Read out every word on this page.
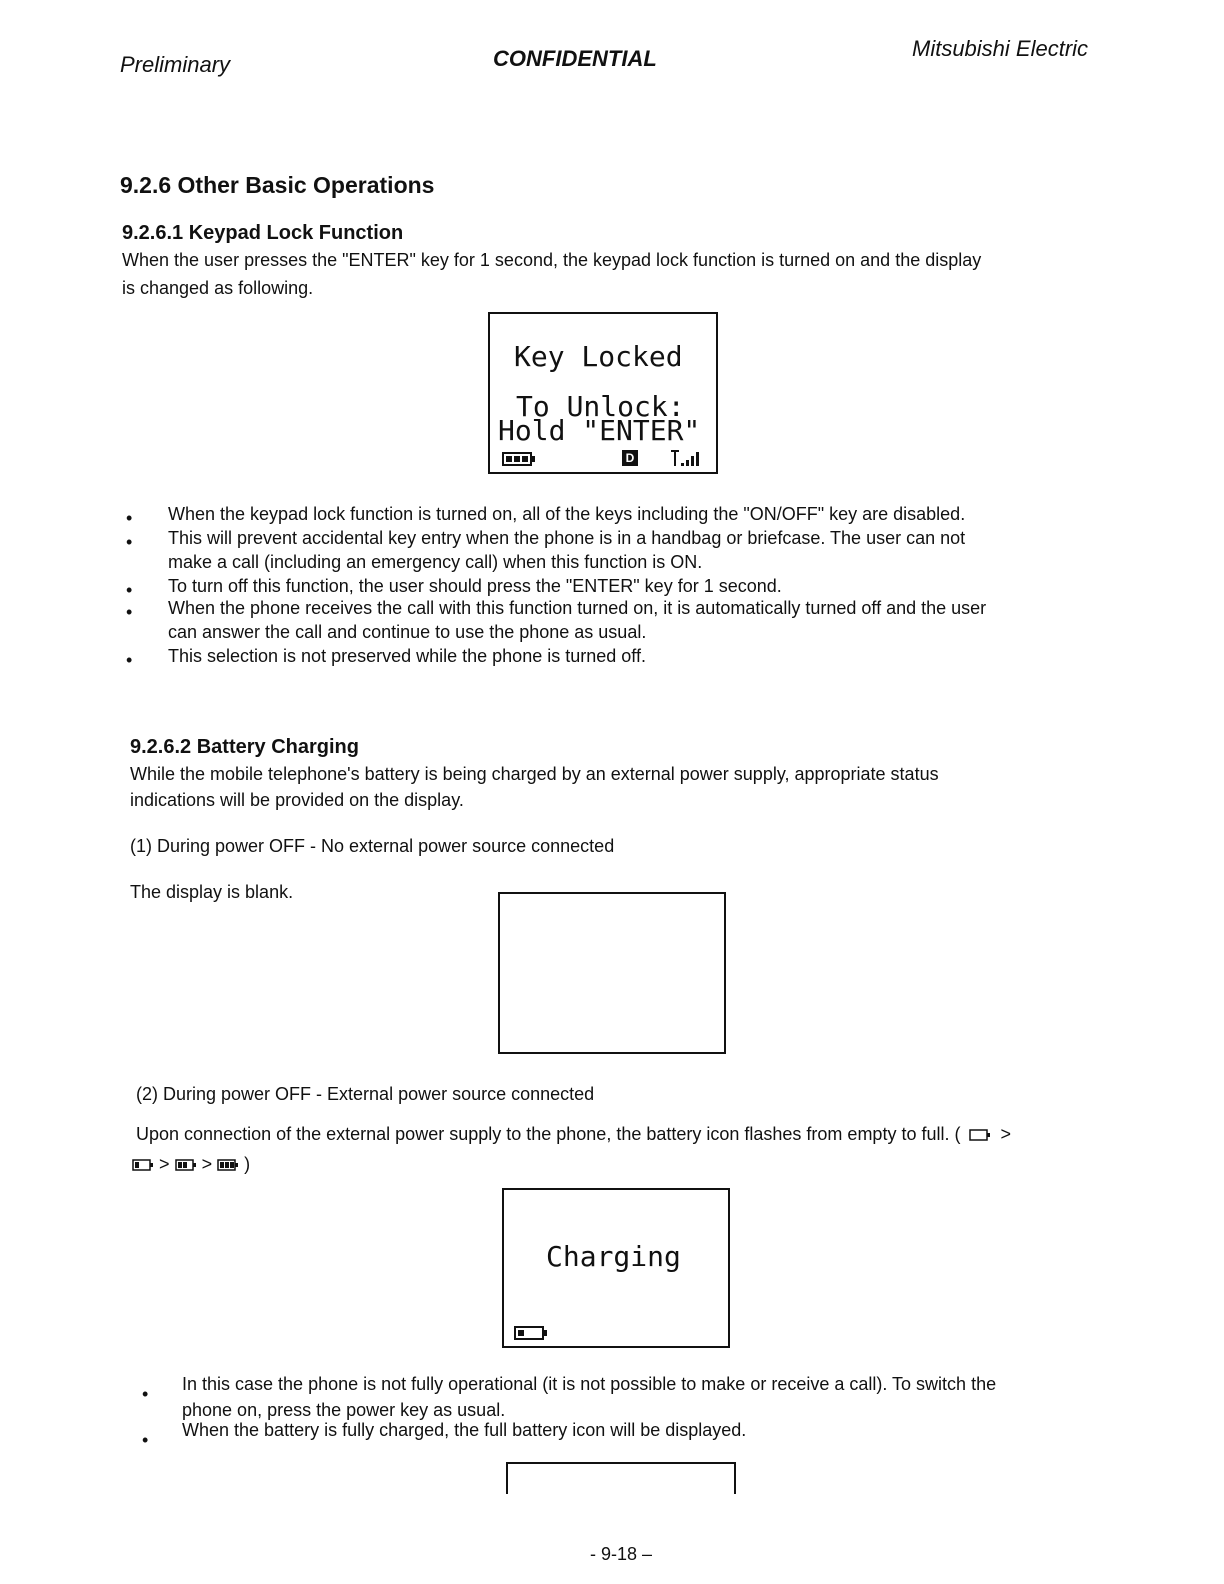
Preliminary	CONFIDENTIAL	Mitsubishi Electric
9.2.6 Other Basic Operations
9.2.6.1 Keypad Lock Function
When the user presses the "ENTER" key for 1 second, the keypad lock function is turned on and the display
is changed as following.
Key Locked
To Unlock:
Hold "ENTER"
D
• When the keypad lock function is turned on, all of the keys including the "ON/OFF" key are disabled.
• This will prevent accidental key entry when the phone is in a handbag or briefcase. The user can not
make a call (including an emergency call) when this function is ON.
• To turn off this function, the user should press the "ENTER" key for 1 second.
• When the phone receives the call with this function turned on, it is automatically turned off and the user
can answer the call and continue to use the phone as usual.
• This selection is not preserved while the phone is turned off.
9.2.6.2 Battery Charging
While the mobile telephone's battery is being charged by an external power supply, appropriate status
indications will be provided on the display.
(1) During power OFF - No external power source connected
The display is blank.
(2) During power OFF - External power source connected
Upon connection of the external power supply to the phone, the battery icon flashes from empty to full. ( >
> > )
Charging
• In this case the phone is not fully operational (it is not possible to make or receive a call). To switch the
phone on, press the power key as usual.
• When the battery is fully charged, the full battery icon will be displayed.
- 9-18 –
